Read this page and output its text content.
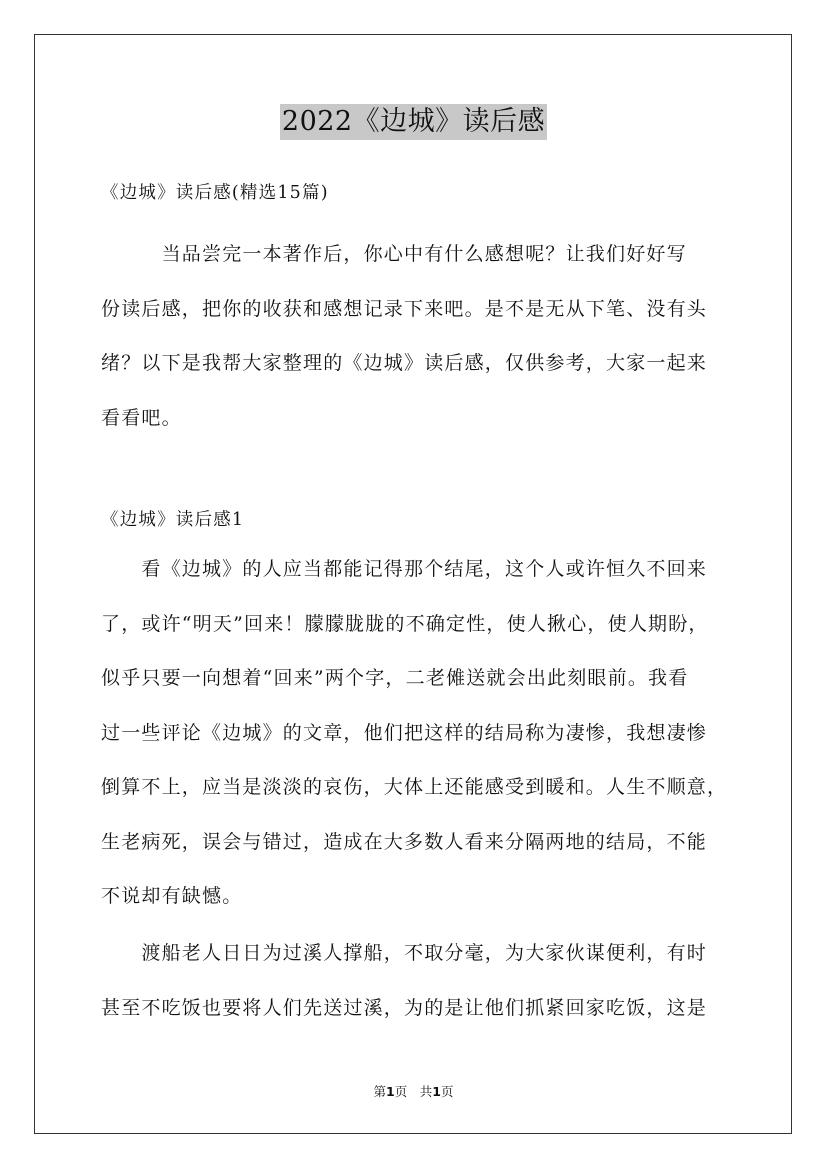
2022《边城》读后感
《边城》读后感(精选15篇)
　　　当品尝完一本著作后，你心中有什么感想呢？让我们好好写
份读后感，把你的收获和感想记录下来吧。是不是无从下笔、没有头
绪？以下是我帮大家整理的《边城》读后感，仅供参考，大家一起来
看看吧。
《边城》读后感1
　　看《边城》的人应当都能记得那个结尾，这个人或许恒久不回来
了，或许“明天”回来！朦朦胧胧的不确定性，使人揪心，使人期盼，
似乎只要一向想着“回来”两个字，二老傩送就会出此刻眼前。我看
过一些评论《边城》的文章，他们把这样的结局称为凄惨，我想凄惨
倒算不上，应当是淡淡的哀伤，大体上还能感受到暖和。人生不顺意，
生老病死，误会与错过，造成在大多数人看来分隔两地的结局，不能
不说却有缺憾。
　　渡船老人日日为过溪人撑船，不取分毫，为大家伙谋便利，有时
甚至不吃饭也要将人们先送过溪，为的是让他们抓紧回家吃饭，这是
第1页　共1页
